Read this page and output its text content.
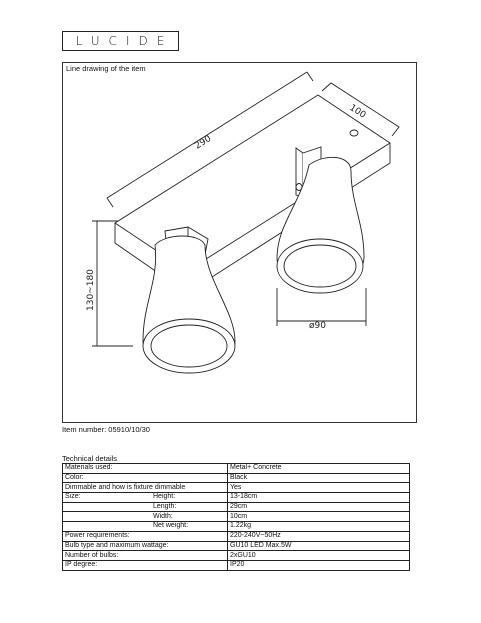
LUCIDE
Line drawing of the item
290
100
130~180
ø90
Item number: 05910/10/30
Technical details
Materials used:	Metal+ Concrete
Color:	Black
Dimmable and how is fixture dimmable	Yes

Size: Height:	13-18cm

Length:	29cm

Width:	10cm

Net weight:	1.22kg
Power requirements:	220-240V~50Hz
Bulb type and maximum wattage:	GU10 LED Max.5W
Number of bulbs:	2xGU10
IP degree:	IP20
